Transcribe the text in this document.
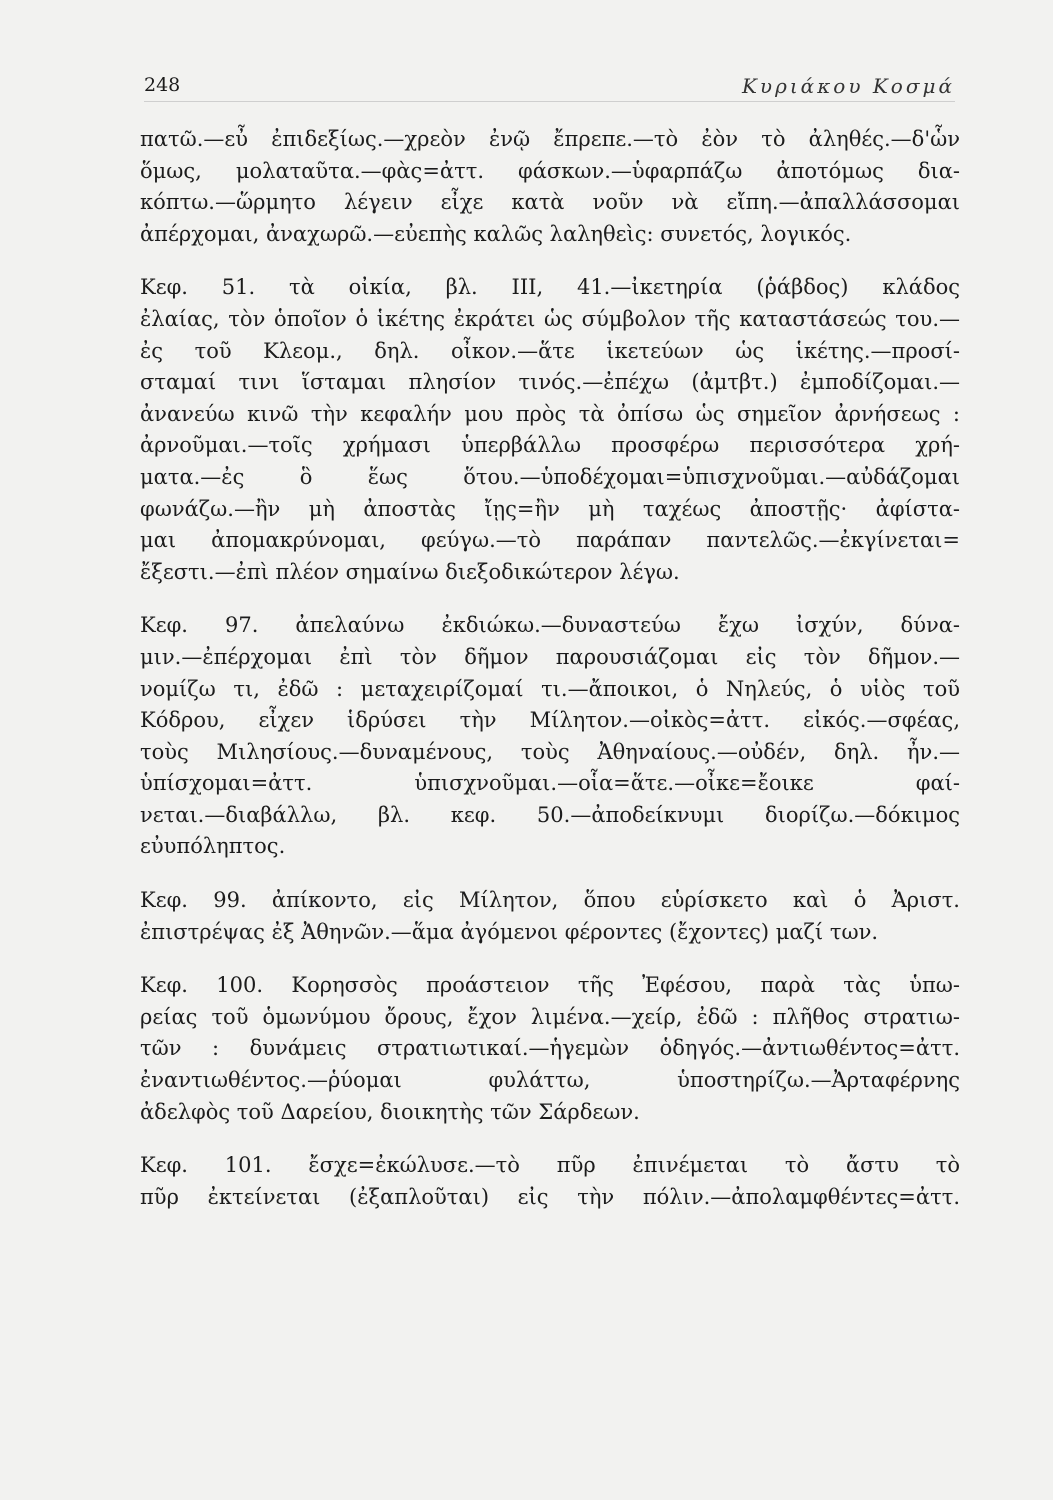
248	Κυριάκου Κοσμά
πατῶ.—εὖ ἐπιδεξίως.—χρεὸν ἐνῷ ἔπρεπε.—τὸ ἐὸν τὸ ἀληθές.—δ'ὧν
ὅμως, μολαταῦτα.—φὰς=ἀττ. φάσκων.—ὑφαρπάζω ἀποτόμως δια-
κόπτω.—ὥρμητο λέγειν εἶχε κατὰ νοῦν νὰ εἴπη.—ἀπαλλάσσομαι
ἀπέρχομαι, ἀναχωρῶ.—εὐεπὴς καλῶς λαληθεὶς: συνετός, λογικός.
Κεφ. 51. τὰ οἰκία, βλ. ΙΙΙ, 41.—ἰκετηρία (ῥάβδος) κλάδος
ἐλαίας, τὸν ὁποῖον ὁ ἱκέτης ἐκράτει ὡς σύμβολον τῆς καταστάσεώς του.—
ἐς τοῦ Κλεομ., δηλ. οἶκον.—ἅτε ἱκετεύων ὡς ἱκέτης.—προσί-
σταμαί τινι ἵσταμαι πλησίον τινός.—ἐπέχω (ἀμτβτ.) ἐμποδίζομαι.—
ἀνανεύω κινῶ τὴν κεφαλήν μου πρὸς τὰ ὀπίσω ὡς σημεῖον ἀρνήσεως :
ἀρνοῦμαι.—τοῖς χρήμασι ὑπερβάλλω προσφέρω περισσότερα χρή-
ματα.—ἐς ὃ ἕως ὅτου.—ὑποδέχομαι=ὑπισχνοῦμαι.—αὐδάζομαι
φωνάζω.—ἢν μὴ ἀποστὰς ἴῃς=ἢν μὴ ταχέως ἀποστῇς· ἀφίστα-
μαι ἀπομακρύνομαι, φεύγω.—τὸ παράπαν παντελῶς.—ἐκγίνεται=
ἔξεστι.—ἐπὶ πλέον σημαίνω διεξοδικώτερον λέγω.
Κεφ. 97. ἀπελαύνω ἐκδιώκω.—δυναστεύω ἔχω ἰσχύν, δύνα-
μιν.—ἐπέρχομαι ἐπὶ τὸν δῆμον παρουσιάζομαι εἰς τὸν δῆμον.—
νομίζω τι, ἐδῶ : μεταχειρίζομαί τι.—ἄποικοι, ὁ Νηλεύς, ὁ υἱὸς τοῦ
Κόδρου, εἶχεν ἱδρύσει τὴν Μίλητον.—οἰκὸς=ἀττ. εἰκός.—σφέας,
τοὺς Μιλησίους.—δυναμένους, τοὺς Ἀθηναίους.—οὐδέν, δηλ. ἦν.—
ὑπίσχομαι=ἀττ. ὑπισχνοῦμαι.—οἷα=ἅτε.—οἶκε=ἔοικε φαί-
νεται.—διαβάλλω, βλ. κεφ. 50.—ἀποδείκνυμι διορίζω.—δόκιμος
εὐυπόληπτος.
Κεφ. 99. ἀπίκοντο, εἰς Μίλητον, ὅπου εὑρίσκετο καὶ ὁ Ἀριστ.
ἐπιστρέψας ἐξ Ἀθηνῶν.—ἅμα ἀγόμενοι φέροντες (ἔχοντες) μαζί των.
Κεφ. 100. Κορησσὸς προάστειον τῆς Ἐφέσου, παρὰ τὰς ὑπω-
ρείας τοῦ ὁμωνύμου ὄρους, ἔχον λιμένα.—χείρ, ἐδῶ : πλῆθος στρατιω-
τῶν : δυνάμεις στρατιωτικαί.—ἡγεμὼν ὁδηγός.—ἀντιωθέντος=ἀττ.
ἐναντιωθέντος.—ῥύομαι φυλάττω, ὑποστηρίζω.—Ἀρταφέρνης
ἀδελφὸς τοῦ Δαρείου, διοικητὴς τῶν Σάρδεων.
Κεφ. 101. ἔσχε=ἐκώλυσε.—τὸ πῦρ ἐπινέμεται τὸ ἄστυ τὸ
πῦρ ἐκτείνεται (ἐξαπλοῦται) εἰς τὴν πόλιν.—ἀπολαμφθέντες=ἀττ.
